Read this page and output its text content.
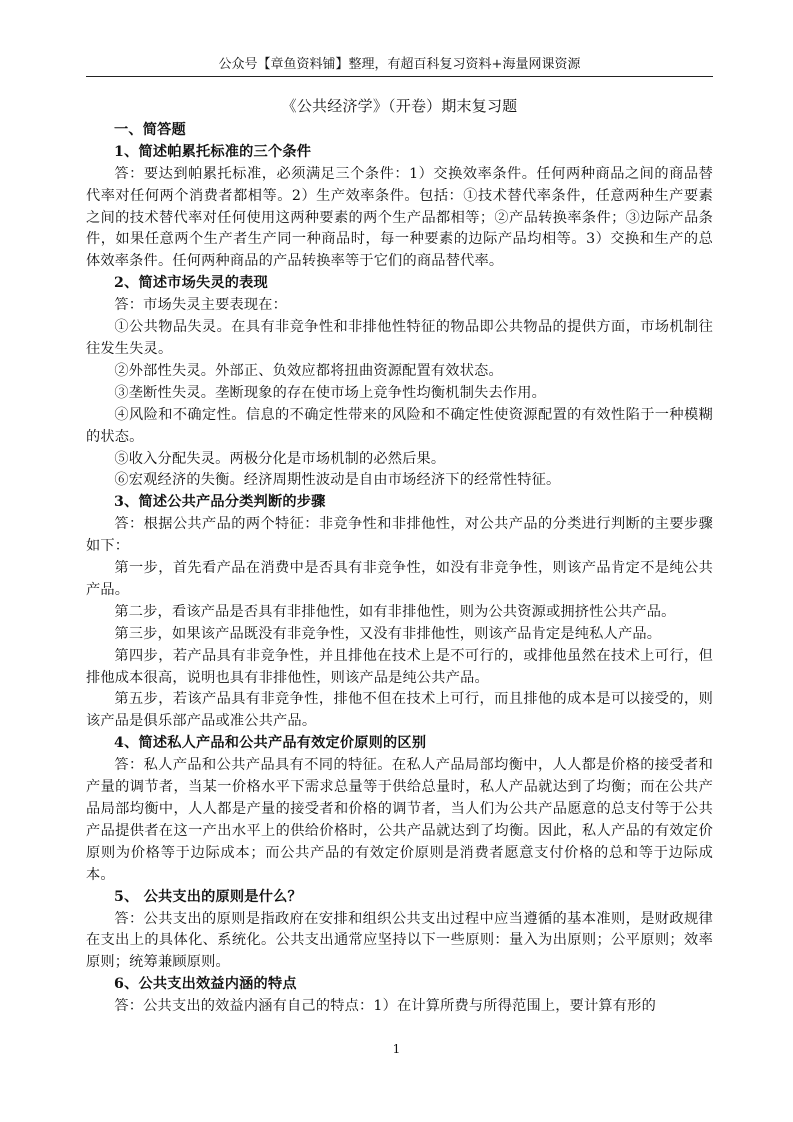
公众号【章鱼资料铺】整理，有超百科复习资料+海量网课资源
《公共经济学》（开卷）期末复习题
一、简答题
1、简述帕累托标准的三个条件

答：要达到帕累托标准，必须满足三个条件：1）交换效率条件。任何两种商品之间的商品替代率对任何两个消费者都相等。2）生产效率条件。包括：①技术替代率条件，任意两种生产要素之间的技术替代率对任何使用这两种要素的两个生产品都相等；②产品转换率条件；③边际产品条件，如果任意两个生产者生产同一种商品时，每一种要素的边际产品均相等。3）交换和生产的总体效率条件。任何两种商品的产品转换率等于它们的商品替代率。

2、简述市场失灵的表现

答：市场失灵主要表现在：

①公共物品失灵。在具有非竞争性和非排他性特征的物品即公共物品的提供方面，市场机制往往发生失灵。

②外部性失灵。外部正、负效应都将扭曲资源配置有效状态。

③垄断性失灵。垄断现象的存在使市场上竞争性均衡机制失去作用。

④风险和不确定性。信息的不确定性带来的风险和不确定性使资源配置的有效性陷于一种模糊的状态。

⑤收入分配失灵。两极分化是市场机制的必然后果。

⑥宏观经济的失衡。经济周期性波动是自由市场经济下的经常性特征。

3、简述公共产品分类判断的步骤

答：根据公共产品的两个特征：非竞争性和非排他性，对公共产品的分类进行判断的主要步骤如下：

第一步，首先看产品在消费中是否具有非竞争性，如没有非竞争性，则该产品肯定不是纯公共产品。

第二步，看该产品是否具有非排他性，如有非排他性，则为公共资源或拥挤性公共产品。

第三步，如果该产品既没有非竞争性，又没有非排他性，则该产品肯定是纯私人产品。

第四步，若产品具有非竞争性，并且排他在技术上是不可行的，或排他虽然在技术上可行，但排他成本很高，说明也具有非排他性，则该产品是纯公共产品。

第五步，若该产品具有非竞争性，排他不但在技术上可行，而且排他的成本是可以接受的，则该产品是俱乐部产品或准公共产品。

4、简述私人产品和公共产品有效定价原则的区别

答：私人产品和公共产品具有不同的特征。在私人产品局部均衡中，人人都是价格的接受者和产量的调节者，当某一价格水平下需求总量等于供给总量时，私人产品就达到了均衡；而在公共产品局部均衡中，人人都是产量的接受者和价格的调节者，当人们为公共产品愿意的总支付等于公共产品提供者在这一产出水平上的供给价格时，公共产品就达到了均衡。因此，私人产品的有效定价原则为价格等于边际成本；而公共产品的有效定价原则是消费者愿意支付价格的总和等于边际成本。

5、 公共支出的原则是什么？

答：公共支出的原则是指政府在安排和组织公共支出过程中应当遵循的基本准则，是财政规律在支出上的具体化、系统化。公共支出通常应坚持以下一些原则：量入为出原则；公平原则；效率原则；统筹兼顾原则。

6、公共支出效益内涵的特点

答：公共支出的效益内涵有自己的特点：1）在计算所费与所得范围上，要计算有形的

1
